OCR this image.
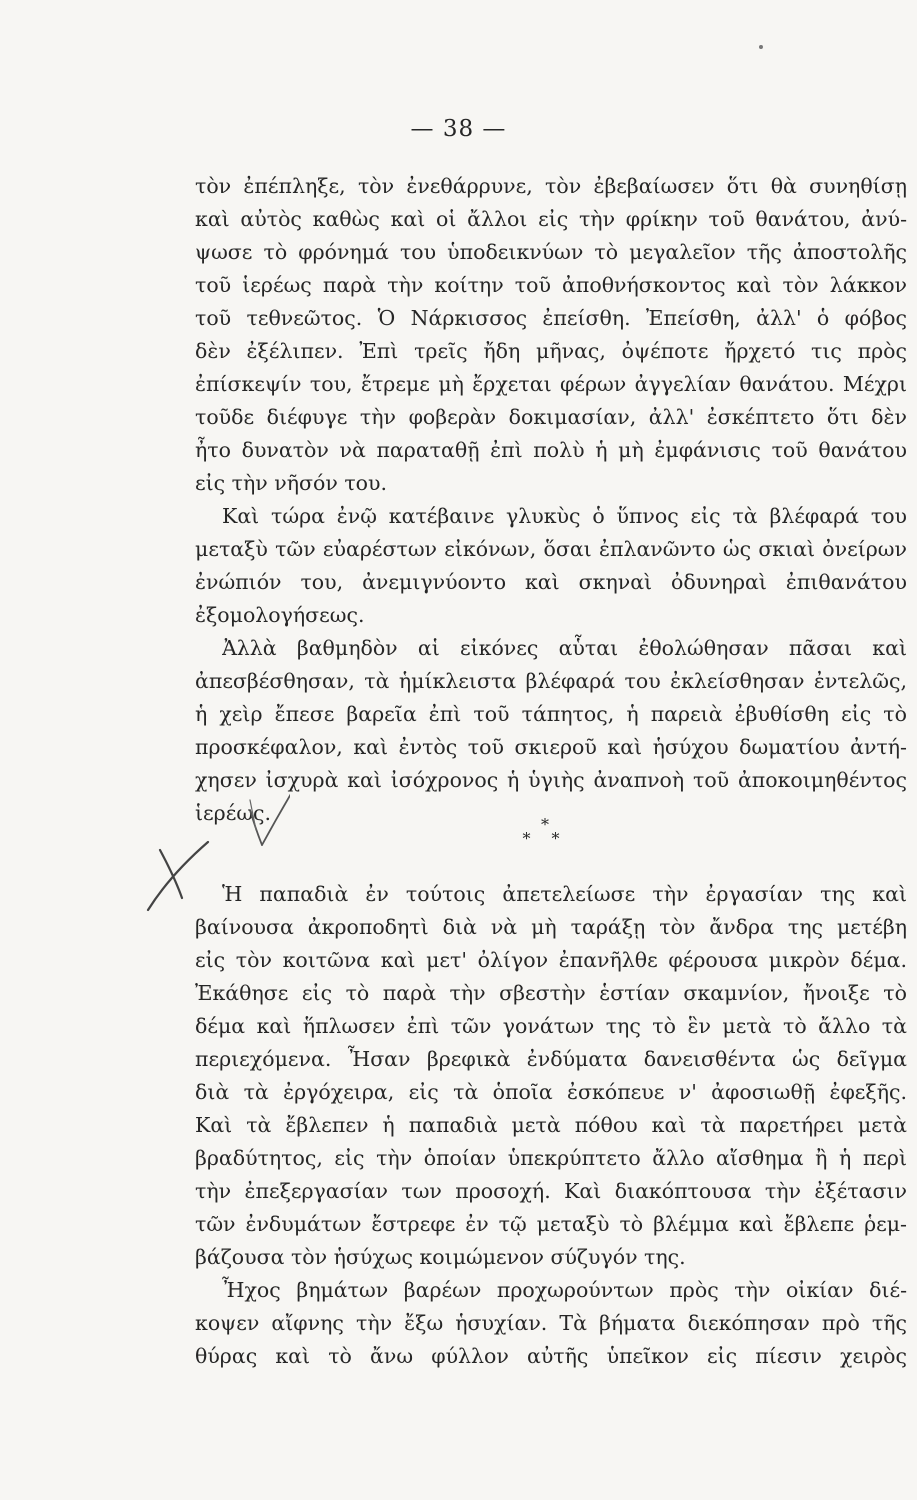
— 38 —
τὸν ἐπέπληξε, τὸν ἐνεθάρρυνε, τὸν ἐβεβαίωσεν ὅτι θὰ συνηθίσῃ
καὶ αὐτὸς καθὼς καὶ οἱ ἄλλοι εἰς τὴν φρίκην τοῦ θανάτου, ἀνύ-
ψωσε τὸ φρόνημά του ὑποδεικνύων τὸ μεγαλεῖον τῆς ἀποστολῆς
τοῦ ἱερέως παρὰ τὴν κοίτην τοῦ ἀποθνήσκοντος καὶ τὸν λάκκον
τοῦ τεθνεῶτος. Ὁ Νάρκισσος ἐπείσθη. Ἐπείσθη, ἀλλ' ὁ φόβος
δὲν ἐξέλιπεν. Ἐπὶ τρεῖς ἤδη μῆνας, ὀψέποτε ἤρχετό τις πρὸς
ἐπίσκεψίν του, ἔτρεμε μὴ ἔρχεται φέρων ἀγγελίαν θανάτου. Μέχρι
τοῦδε διέφυγε τὴν φοβερὰν δοκιμασίαν, ἀλλ' ἐσκέπτετο ὅτι δὲν
ἦτο δυνατὸν νὰ παραταθῇ ἐπὶ πολὺ ἡ μὴ ἐμφάνισις τοῦ θανάτου
εἰς τὴν νῆσόν του.
Καὶ τώρα ἐνῷ κατέβαινε γλυκὺς ὁ ὕπνος εἰς τὰ βλέφαρά του
μεταξὺ τῶν εὐαρέστων εἰκόνων, ὅσαι ἐπλανῶντο ὡς σκιαὶ ὀνείρων
ἐνώπιόν του, ἀνεμιγνύοντο καὶ σκηναὶ ὀδυνηραὶ ἐπιθανάτου
ἐξομολογήσεως.
Ἀλλὰ βαθμηδὸν αἱ εἰκόνες αὗται ἐθολώθησαν πᾶσαι καὶ
ἀπεσβέσθησαν, τὰ ἡμίκλειστα βλέφαρά του ἐκλείσθησαν ἐντελῶς,
ἡ χεὶρ ἔπεσε βαρεῖα ἐπὶ τοῦ τάπητος, ἡ παρειὰ ἐβυθίσθη εἰς τὸ
προσκέφαλον, καὶ ἐντὸς τοῦ σκιεροῦ καὶ ἡσύχου δωματίου ἀντή-
χησεν ἰσχυρὰ καὶ ἰσόχρονος ἡ ὑγιὴς ἀναπνοὴ τοῦ ἀποκοιμηθέντος
ἱερέως.	*
* *
Ἡ παπαδιὰ ἐν τούτοις ἀπετελείωσε τὴν ἐργασίαν της καὶ
βαίνουσα ἀκροποδητὶ διὰ νὰ μὴ ταράξῃ τὸν ἄνδρα της μετέβη
εἰς τὸν κοιτῶνα καὶ μετ' ὀλίγον ἐπανῆλθε φέρουσα μικρὸν δέμα.
Ἐκάθησε εἰς τὸ παρὰ τὴν σβεστὴν ἑστίαν σκαμνίον, ἤνοιξε τὸ
δέμα καὶ ἥπλωσεν ἐπὶ τῶν γονάτων της τὸ ἓν μετὰ τὸ ἄλλο τὰ
περιεχόμενα. Ἦσαν βρεφικὰ ἐνδύματα δανεισθέντα ὡς δεῖγμα
διὰ τὰ ἐργόχειρα, εἰς τὰ ὁποῖα ἐσκόπευε ν' ἀφοσιωθῇ ἐφεξῆς.
Καὶ τὰ ἔβλεπεν ἡ παπαδιὰ μετὰ πόθου καὶ τὰ παρετήρει μετὰ
βραδύτητος, εἰς τὴν ὁποίαν ὑπεκρύπτετο ἄλλο αἴσθημα ἢ ἡ περὶ
τὴν ἐπεξεργασίαν των προσοχή. Καὶ διακόπτουσα τὴν ἐξέτασιν
τῶν ἐνδυμάτων ἔστρεφε ἐν τῷ μεταξὺ τὸ βλέμμα καὶ ἔβλεπε ῥεμ-
βάζουσα τὸν ἡσύχως κοιμώμενον σύζυγόν της.
Ἦχος βημάτων βαρέων προχωρούντων πρὸς τὴν οἰκίαν διέ-
κοψεν αἴφνης τὴν ἔξω ἡσυχίαν. Τὰ βήματα διεκόπησαν πρὸ τῆς
θύρας καὶ τὸ ἄνω φύλλον αὐτῆς ὑπεῖκον εἰς πίεσιν χειρὸς
